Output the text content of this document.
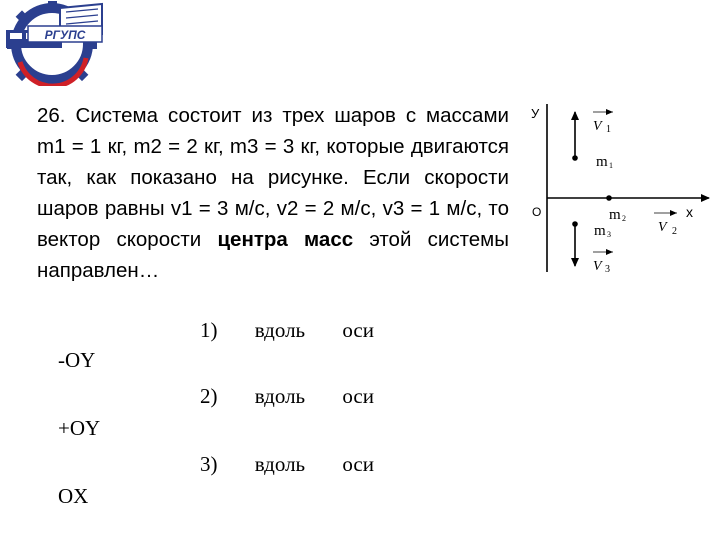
РГУПС
26. Система состоит из трех шаров с массами m1 = 1 кг, m2 = 2 кг, m3 = 3 кг, которые двигаются так, как показано на рисунке. Если скорости шаров равны v1 = 3 м/с, v2 = 2 м/с, v3 = 1 м/с, то вектор скорости центра масс этой системы направлен…
У
х
О
V 1
m 1
m 2
V 2
m 3
V 3
1) вдоль оси
-OY
2) вдоль оси
+OY
3) вдоль оси
OX
